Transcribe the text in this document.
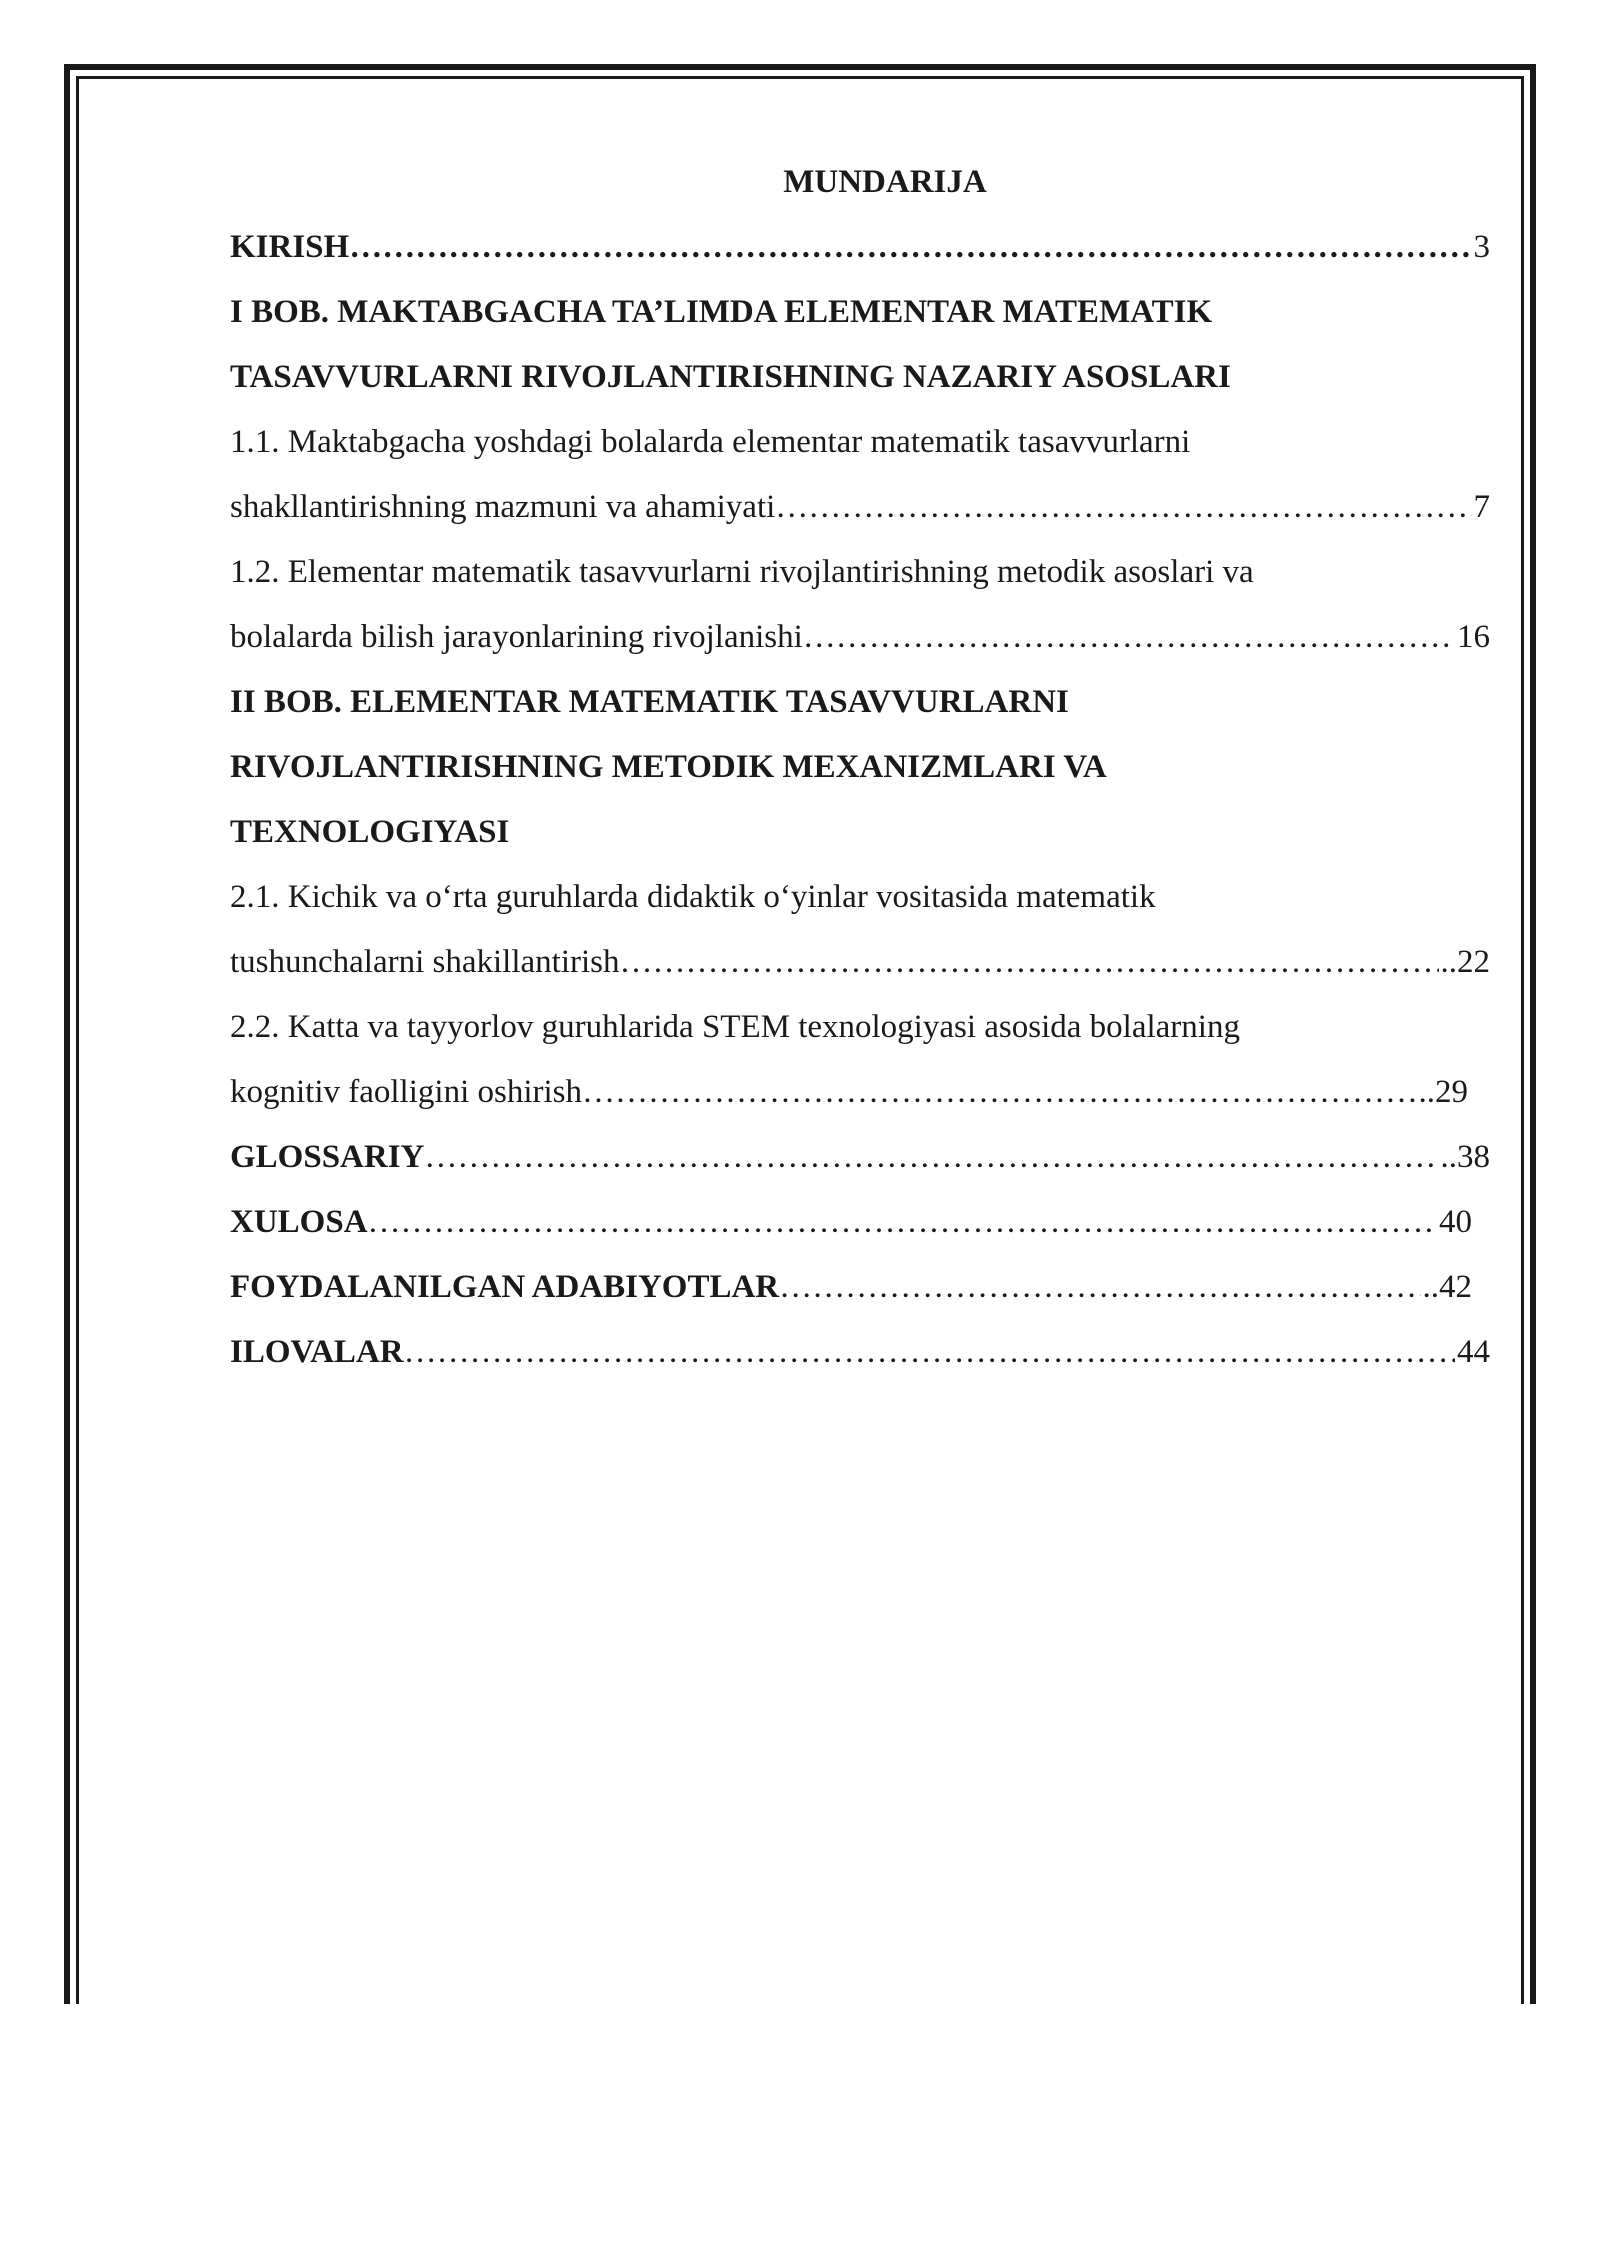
MUNDARIJA

KIRISH …………………………………………………………………………………………………………………………………………………………………………………………………	3
I BOB. MAKTABGACHA TA’LIMDA ELEMENTAR MATEMATIK
TASAVVURLARNI RIVOJLANTIRISHNING NAZARIY ASOSLARI
1.1. Maktabgacha yoshdagi bolalarda elementar matematik tasavvurlarni
shakllantirishning mazmuni va ahamiyati …………………………………………………………………………………………………………………………………………………………………………………………………	7
1.2. Elementar matematik tasavvurlarni rivojlantirishning metodik asoslari va
bolalarda bilish jarayonlarining rivojlanishi …………………………………………………………………………………………………………………………………………………………………………………………………	16
II BOB. ELEMENTAR MATEMATIK TASAVVURLARNI
RIVOJLANTIRISHNING METODIK MEXANIZMLARI VA
TEXNOLOGIYASI
2.1. Kichik va o‘rta guruhlarda didaktik o‘yinlar vositasida matematik
tushunchalarni shakillantirish …………………………………………………………………………………………………………………………………………………………………………………………………	..22
2.2. Katta va tayyorlov guruhlarida STEM texnologiyasi asosida bolalarning
kognitiv faolligini oshirish …………………………………………………………………………………………………………………………………………………………………………………………………	..29
GLOSSARIY …………………………………………………………………………………………………………………………………………………………………………………………………	..38
XULOSA …………………………………………………………………………………………………………………………………………………………………………………………………	40
FOYDALANILGAN ADABIYOTLAR …………………………………………………………………………………………………………………………………………………………………………………………………	..42
ILOVALAR …………………………………………………………………………………………………………………………………………………………………………………………………	44
